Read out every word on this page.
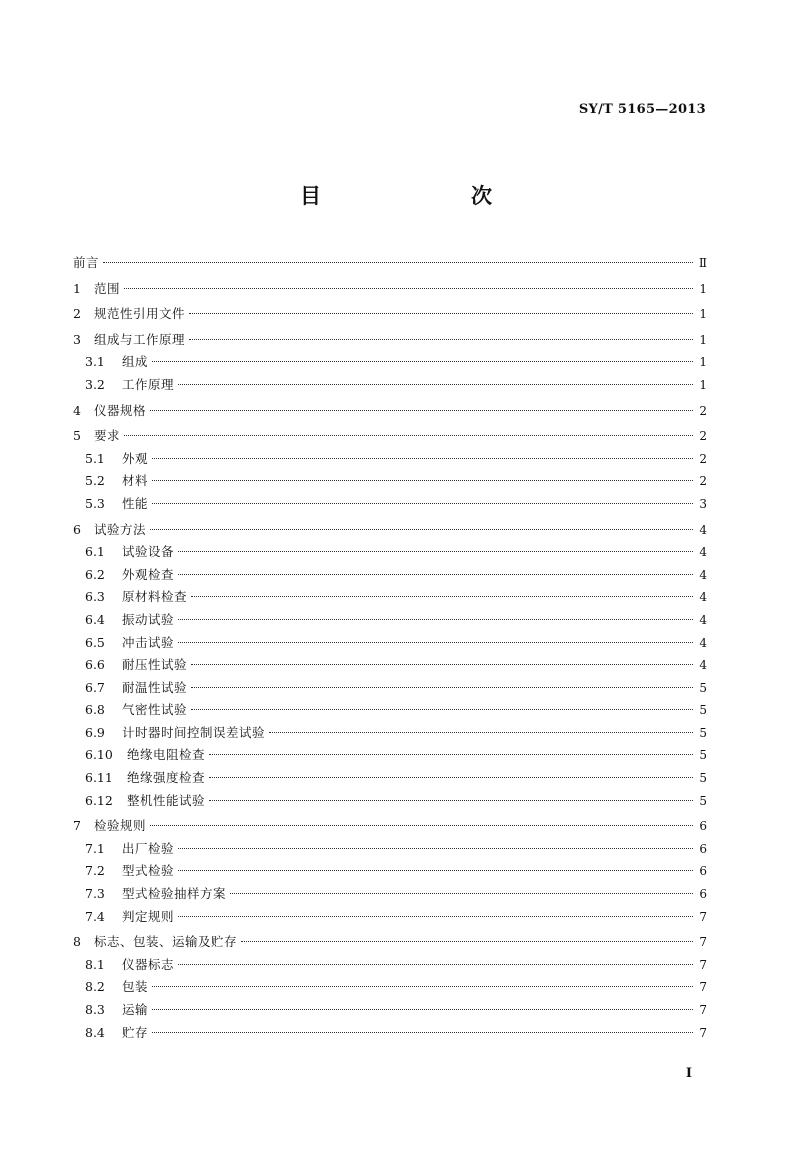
SY/T 5165—2013
目　　次
前言	Ⅱ
1	范围	1
2	规范性引用文件	1
3	组成与工作原理	1
3.1	组成	1
3.2	工作原理	1
4	仪器规格	2
5	要求	2
5.1	外观	2
5.2	材料	2
5.3	性能	3
6	试验方法	4
6.1	试验设备	4
6.2	外观检查	4
6.3	原材料检查	4
6.4	振动试验	4
6.5	冲击试验	4
6.6	耐压性试验	4
6.7	耐温性试验	5
6.8	气密性试验	5
6.9	计时器时间控制误差试验	5
6.10	绝缘电阻检查	5
6.11	绝缘强度检查	5
6.12	整机性能试验	5
7	检验规则	6
7.1	出厂检验	6
7.2	型式检验	6
7.3	型式检验抽样方案	6
7.4	判定规则	7
8	标志、包装、运输及贮存	7
8.1	仪器标志	7
8.2	包装	7
8.3	运输	7
8.4	贮存	7
I
